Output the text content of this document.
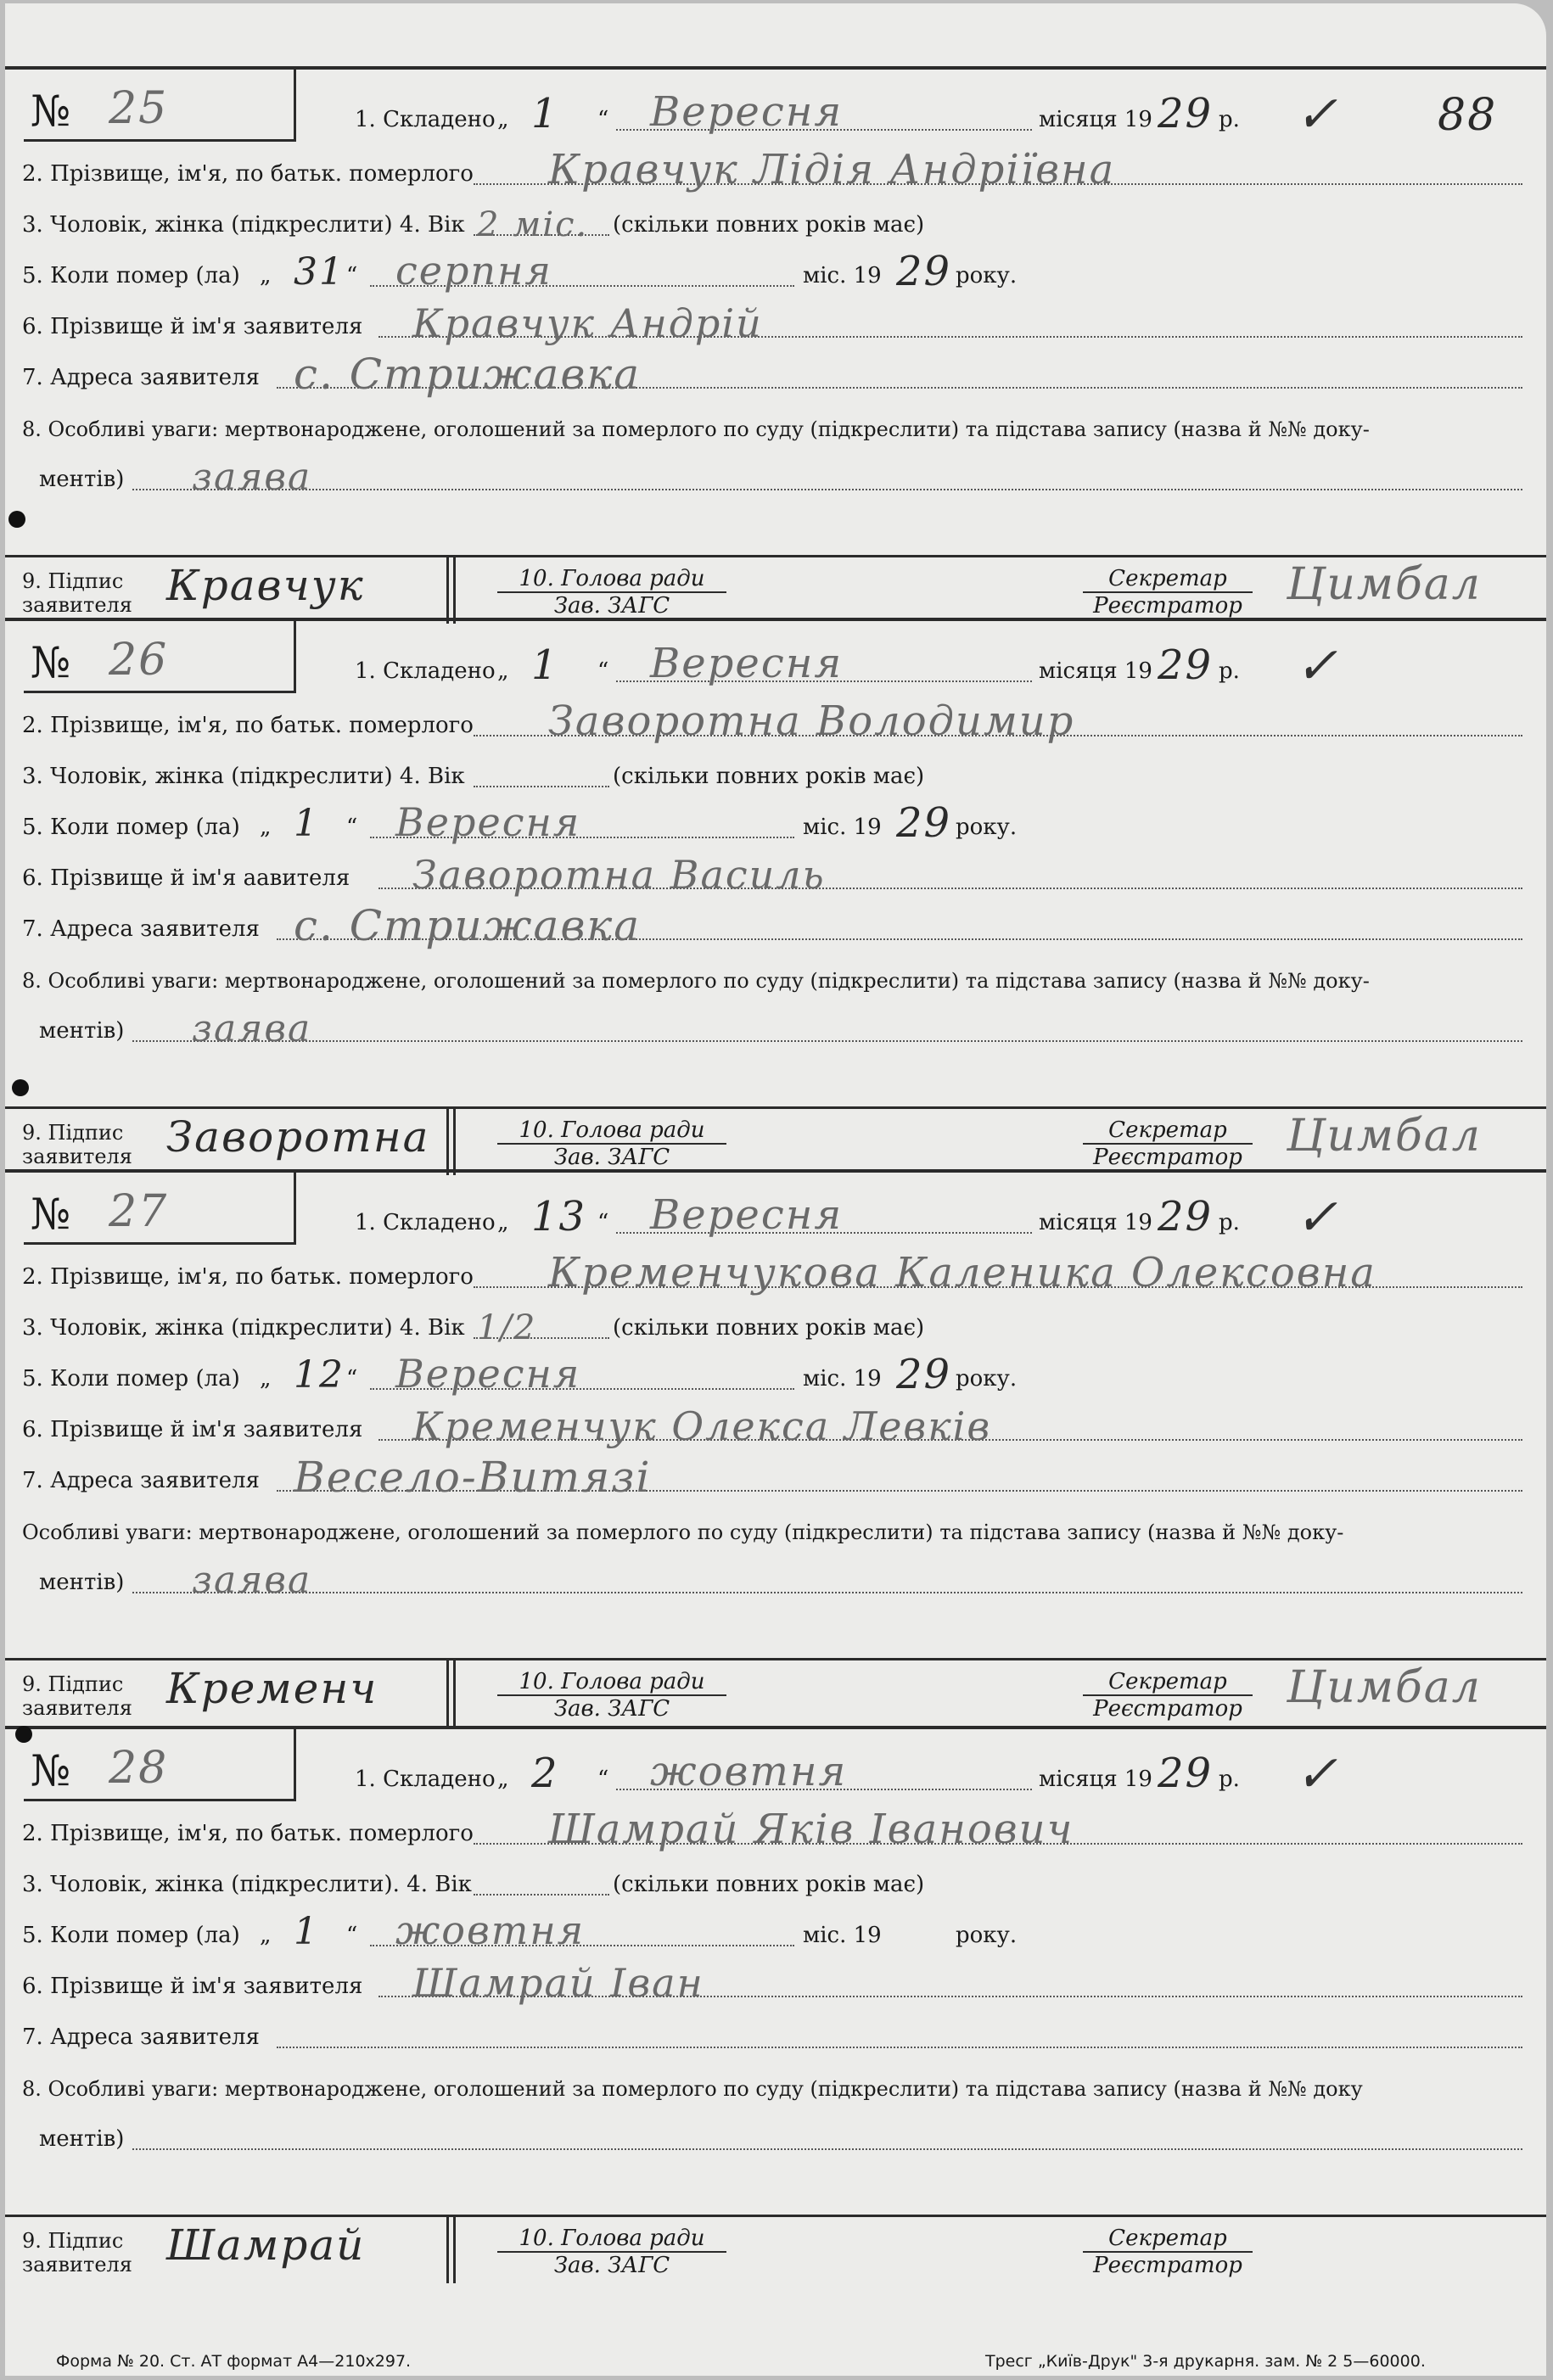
№ 25	1. Складено „ 1 “ Вересня	місяця 19 29 р. ✓ 88
2. Прізвище, ім'я, по батьк. померлого Кравчук Лідія Андріївна
3. Чоловік, жінка (підкреслити) 4. Вік 2 міс. (скільки повних років має)
5. Коли помер (ла) „ 31 “ серпня	міс. 19 29 року.
6. Прізвище й ім'я заявителя Кравчук Андрій
7. Адреса заявителя с. Стрижавка
8. Особливі уваги: мертвонароджене, оголошений за померлого по суду (підкреслити) та підстава запису (назва й №№ доку-
ментів) заява
9. Підпис
заявителя Кравчук	10. Голова ради
Зав. ЗАГС
Секретар
Реєстратор Цимбал
№ 26	1. Складено „ 1 “ Вересня	місяця 19 29 р. ✓
2. Прізвище, ім'я, по батьк. померлого Заворотна Володимир
3. Чоловік, жінка (підкреслити) 4. Вік	(скільки повних років має)
5. Коли помер (ла) „ 1 “ Вересня	міс. 19 29 року.
6. Прізвище й ім'я аавителя Заворотна Василь
7. Адреса заявителя с. Стрижавка
8. Особливі уваги: мертвонароджене, оголошений за померлого по суду (підкреслити) та підстава запису (назва й №№ доку-
ментів) заява
9. Підпис
заявителя Заворотна	10. Голова ради
Зав. ЗАГС
Секретар
Реєстратор Цимбал
№ 27	1. Складено „ 13 “ Вересня	місяця 19 29 р. ✓
2. Прізвище, ім'я, по батьк. померлого Кременчукова Каленика Олексовна
3. Чоловік, жінка (підкреслити) 4. Вік 1/2	(скільки повних років має)
5. Коли помер (ла) „ 12 “ Вересня	міс. 19 29 року.
6. Прізвище й ім'я заявителя Кременчук Олекса Левків
7. Адреса заявителя Весело-Витязі
Особливі уваги: мертвонароджене, оголошений за померлого по суду (підкреслити) та підстава запису (назва й №№ доку-
ментів) заява
9. Підпис
заявителя Кременч	10. Голова ради
Зав. ЗАГС
Секретар
Реєстратор Цимбал
№ 28	1. Складено „ 2 “ жовтня	місяця 19 29 р. ✓
2. Прізвище, ім'я, по батьк. померлого Шамрай Яків Іванович
3. Чоловік, жінка (підкреслити). 4. Вік	(скільки повних років має)
5. Коли помер (ла) „ 1 “ жовтня	міс. 19	року.
6. Прізвище й ім'я заявителя Шамрай Іван
7. Адреса заявителя
8. Особливі уваги: мертвонароджене, оголошений за померлого по суду (підкреслити) та підстава запису (назва й №№ доку
ментів)
9. Підпис
заявителя Шамрай	10. Голова ради
Зав. ЗАГС
Секретар
Реєстратор
Форма № 20. Ст. АТ формат А4—210х297.	Тресг „Київ-Друк" 3-я друкарня. зам. № 2 5—60000.
